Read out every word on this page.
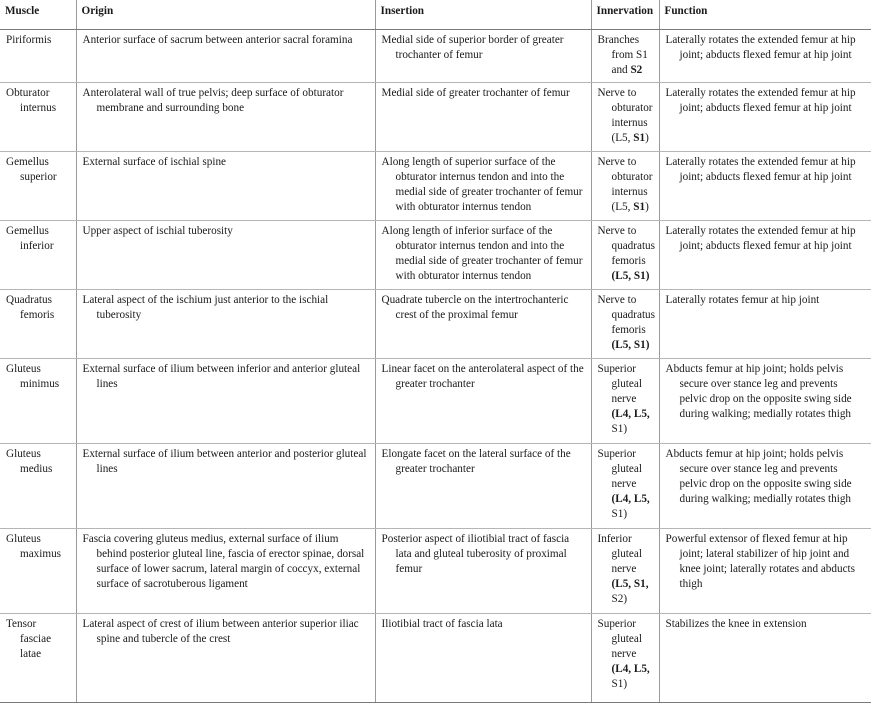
Muscle	Origin	Insertion	Innervation	Function

Piriformis	Anterior surface of sacrum between anterior sacral foramina	Medial side of superior border of greater trochanter of femur	Branches from S1 and S2	Laterally rotates the extended femur at hip joint; abducts flexed femur at hip joint

Obturator internus	Anterolateral wall of true pelvis; deep surface of obturator membrane and surrounding bone	Medial side of greater trochanter of femur	Nerve to obturator internus (L5, S1)	Laterally rotates the extended femur at hip joint; abducts flexed femur at hip joint

Gemellus superior	External surface of ischial spine	Along length of superior surface of the obturator internus tendon and into the medial side of greater trochanter of femur with obturator internus tendon	Nerve to obturator internus (L5, S1)	Laterally rotates the extended femur at hip joint; abducts flexed femur at hip joint

Gemellus inferior	Upper aspect of ischial tuberosity	Along length of inferior surface of the obturator internus tendon and into the medial side of greater trochanter of femur with obturator internus tendon	Nerve to quadratus femoris (L5, S1)	Laterally rotates the extended femur at hip joint; abducts flexed femur at hip joint

Quadratus femoris	Lateral aspect of the ischium just anterior to the ischial tuberosity	Quadrate tubercle on the intertrochanteric crest of the proximal femur	Nerve to quadratus femoris (L5, S1)	Laterally rotates femur at hip joint

Gluteus minimus	External surface of ilium between inferior and anterior gluteal lines	Linear facet on the anterolateral aspect of the greater trochanter	Superior gluteal nerve (L4, L5, S1)	Abducts femur at hip joint; holds pelvis secure over stance leg and prevents pelvic drop on the opposite swing side during walking; medially rotates thigh

Gluteus medius	External surface of ilium between anterior and posterior gluteal lines	Elongate facet on the lateral surface of the greater trochanter	Superior gluteal nerve (L4, L5, S1)	Abducts femur at hip joint; holds pelvis secure over stance leg and prevents pelvic drop on the opposite swing side during walking; medially rotates thigh

Gluteus maximus	Fascia covering gluteus medius, external surface of ilium behind posterior gluteal line, fascia of erector spinae, dorsal surface of lower sacrum, lateral margin of coccyx, external surface of sacrotuberous ligament	Posterior aspect of iliotibial tract of fascia lata and gluteal tuberosity of proximal femur	Inferior gluteal nerve (L5, S1, S2)	Powerful extensor of flexed femur at hip joint; lateral stabilizer of hip joint and knee joint; laterally rotates and abducts thigh

Tensor fasciae latae	Lateral aspect of crest of ilium between anterior superior iliac spine and tubercle of the crest	Iliotibial tract of fascia lata	Superior gluteal nerve (L4, L5, S1)	Stabilizes the knee in extension
